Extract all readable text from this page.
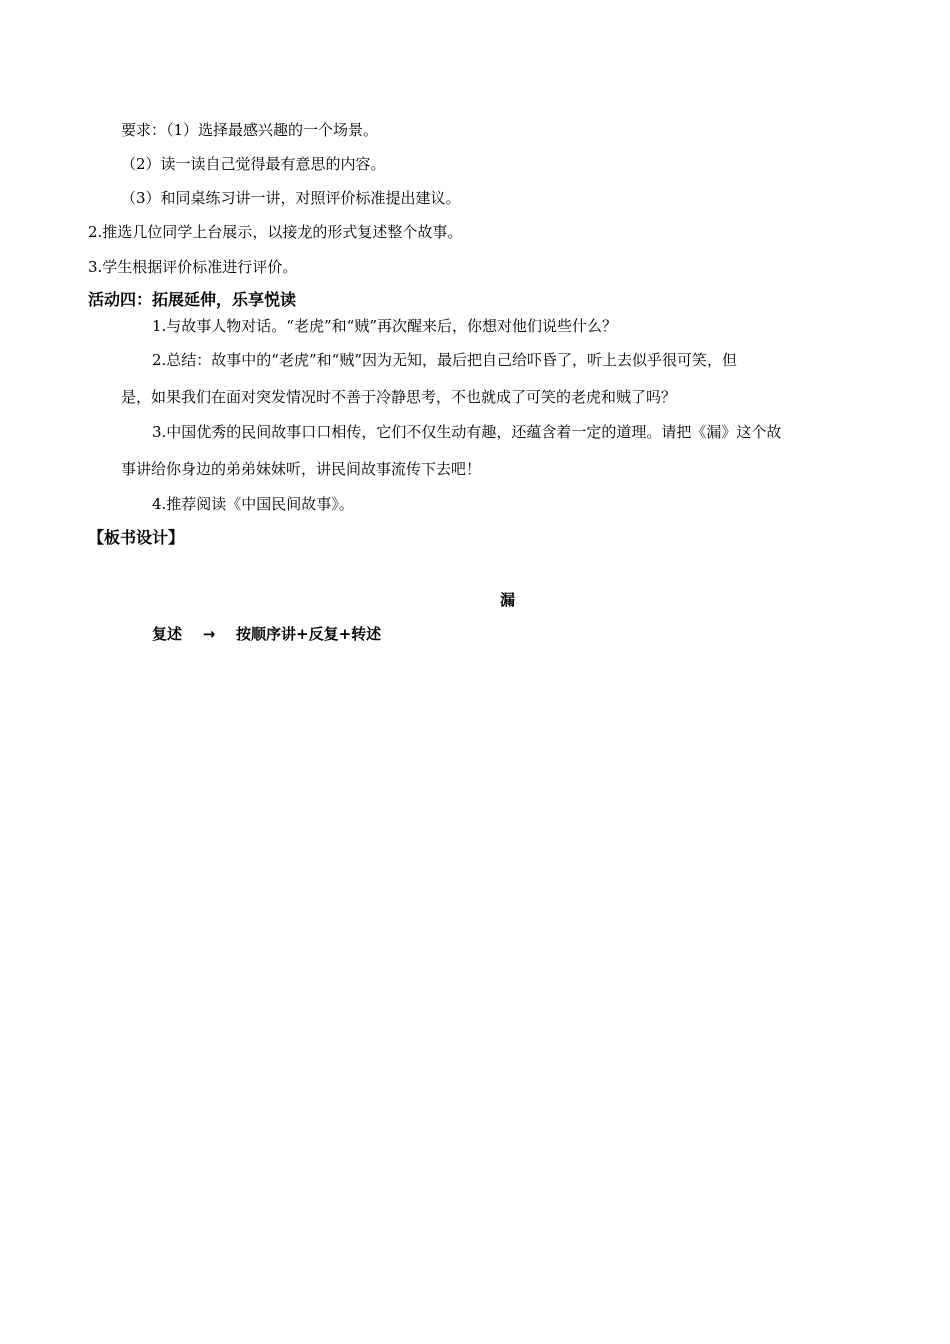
要求：（1）选择最感兴趣的一个场景。
（2）读一读自己觉得最有意思的内容。
（3）和同桌练习讲一讲，对照评价标准提出建议。
2.推选几位同学上台展示，以接龙的形式复述整个故事。
3.学生根据评价标准进行评价。
活动四：拓展延伸，乐享悦读
1.与故事人物对话。“老虎”和“贼”再次醒来后，你想对他们说些什么？
2.总结：故事中的“老虎”和“贼”因为无知，最后把自己给吓昏了，听上去似乎很可笑，但
是，如果我们在面对突发情况时不善于冷静思考，不也就成了可笑的老虎和贼了吗？
3.中国优秀的民间故事口口相传，它们不仅生动有趣，还蕴含着一定的道理。请把《漏》这个故
事讲给你身边的弟弟妹妹听，讲民间故事流传下去吧！
4.推荐阅读《中国民间故事》。
【板书设计】
漏
复述 → 按顺序讲+反复+转述
